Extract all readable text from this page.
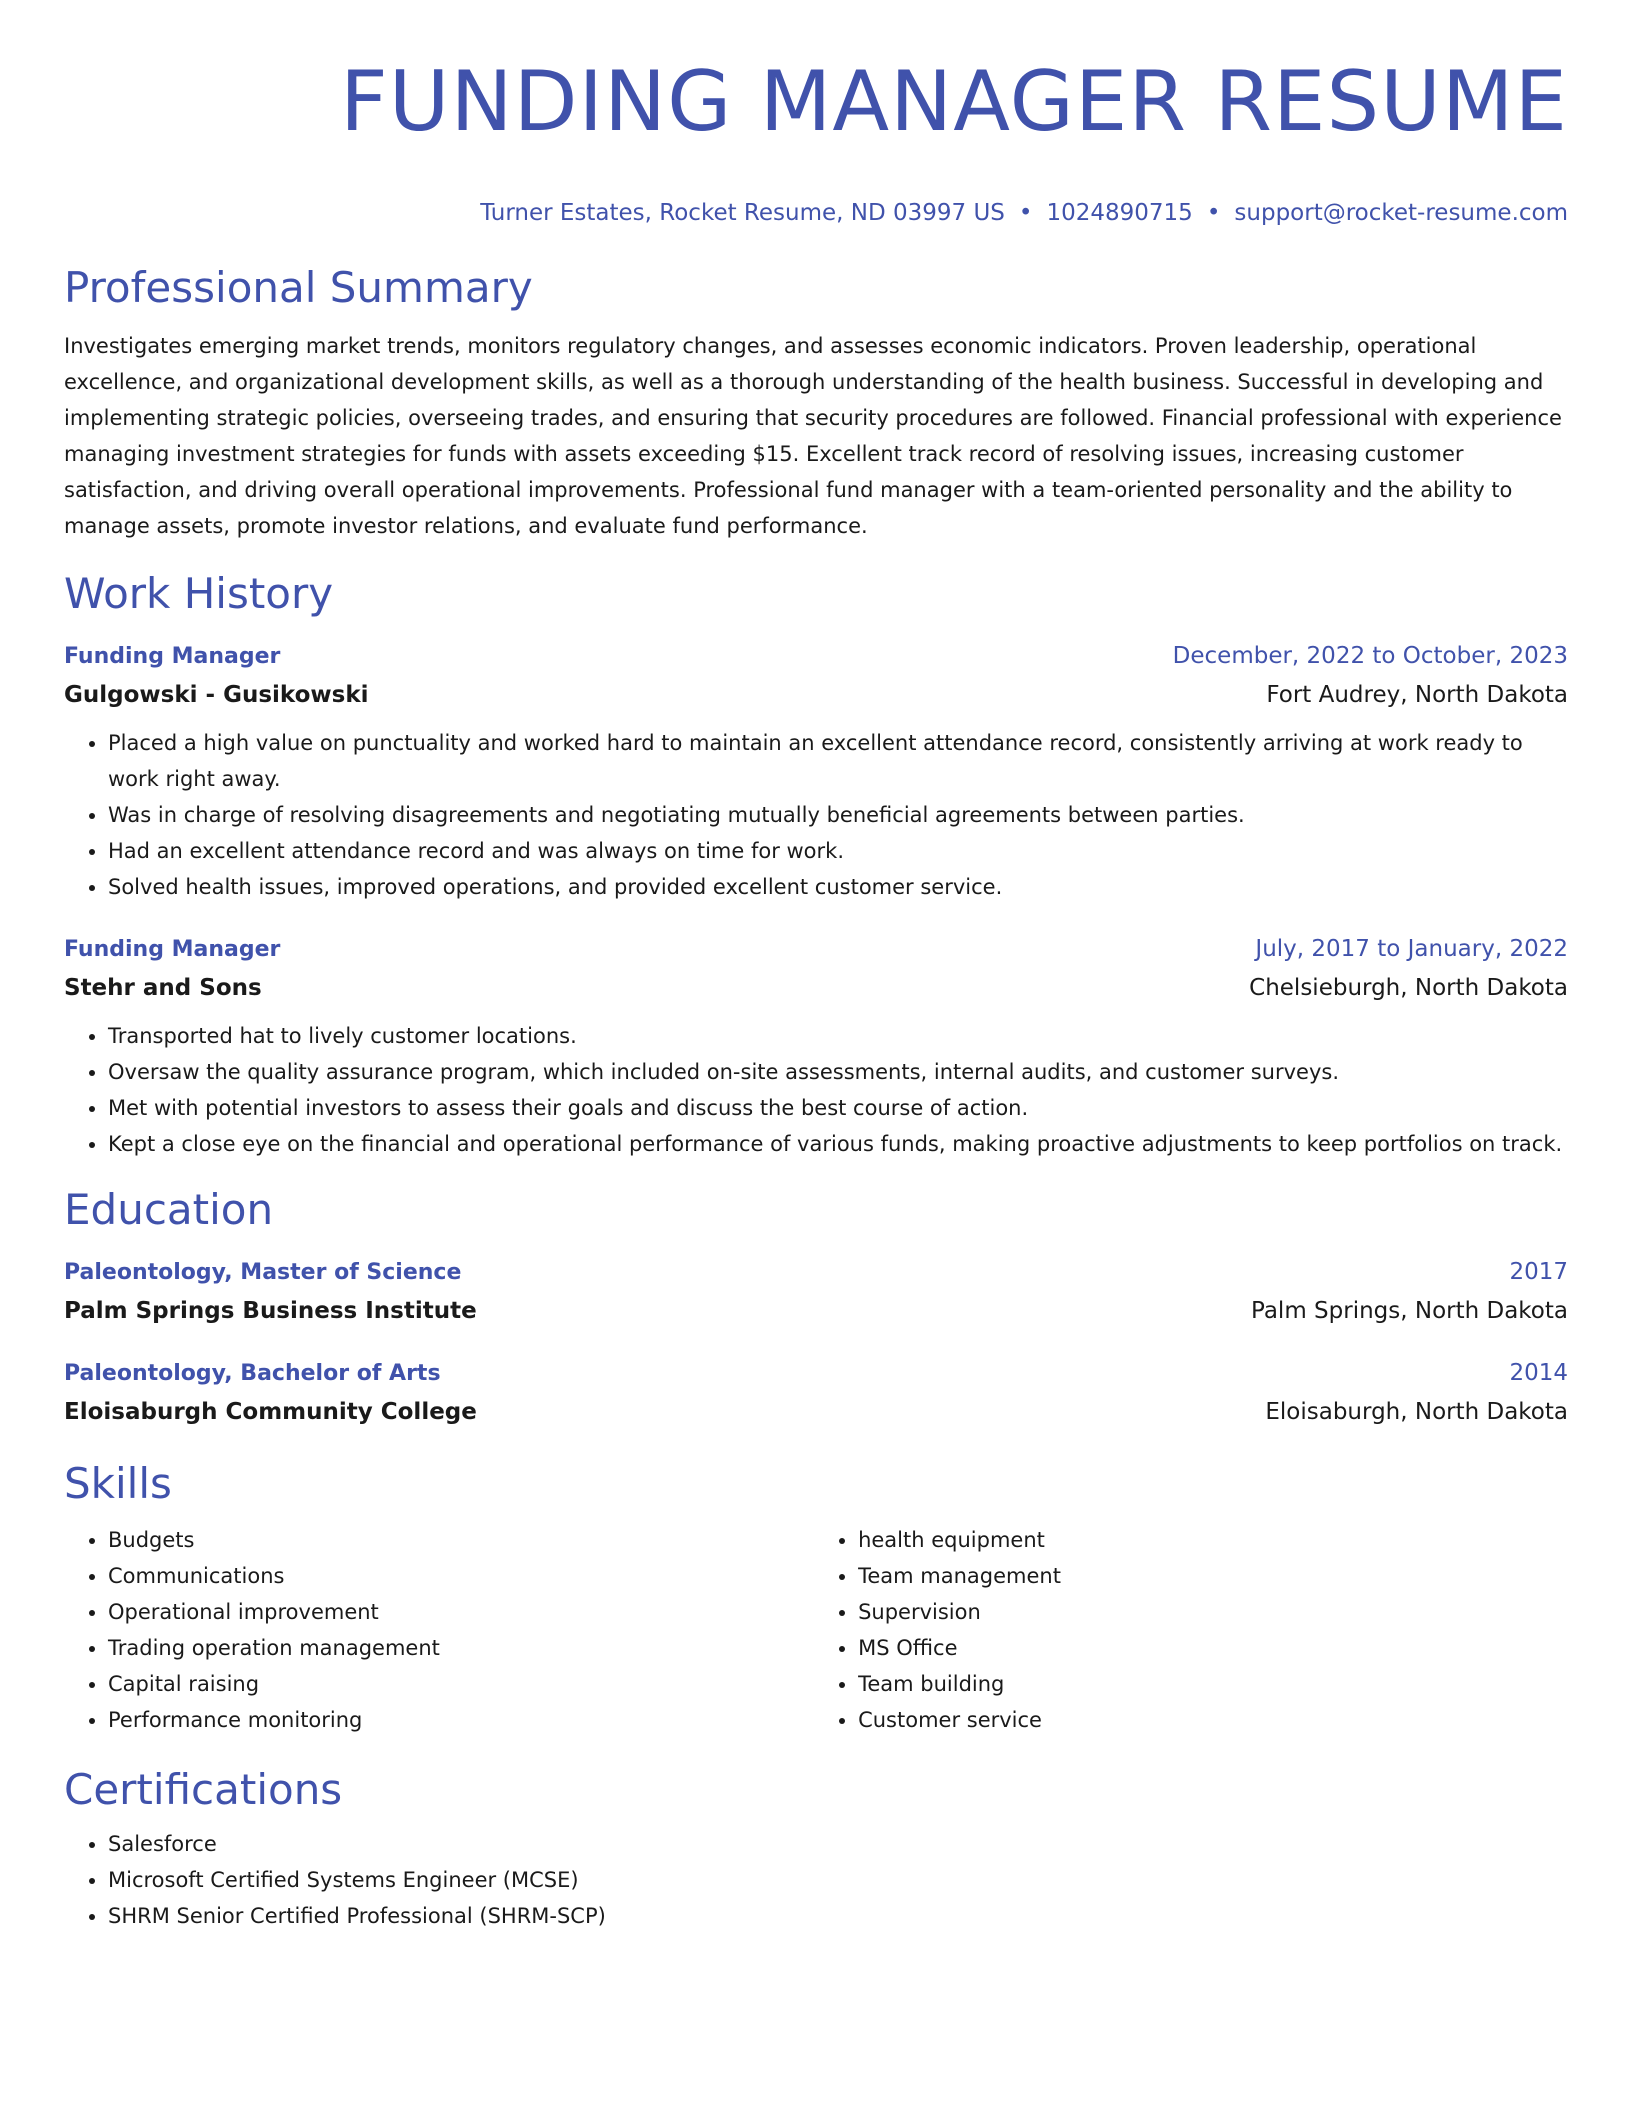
FUNDING MANAGER RESUME
Turner Estates, Rocket Resume, ND 03997 US • 1024890715 • support@rocket-resume.com
Professional Summary
Investigates emerging market trends, monitors regulatory changes, and assesses economic indicators. Proven leadership, operational excellence, and organizational development skills, as well as a thorough understanding of the health business. Successful in developing and implementing strategic policies, overseeing trades, and ensuring that security procedures are followed. Financial professional with experience managing investment strategies for funds with assets exceeding $15. Excellent track record of resolving issues, increasing customer satisfaction, and driving overall operational improvements. Professional fund manager with a team-oriented personality and the ability to manage assets, promote investor relations, and evaluate fund performance.
Work History
Funding Manager	December, 2022 to October, 2023
Gulgowski - Gusikowski	Fort Audrey, North Dakota
• Placed a high value on punctuality and worked hard to maintain an excellent attendance record, consistently arriving at work ready to work right away.
• Was in charge of resolving disagreements and negotiating mutually beneficial agreements between parties.
• Had an excellent attendance record and was always on time for work.
• Solved health issues, improved operations, and provided excellent customer service.
Funding Manager	July, 2017 to January, 2022
Stehr and Sons	Chelsieburgh, North Dakota
• Transported hat to lively customer locations.
• Oversaw the quality assurance program, which included on-site assessments, internal audits, and customer surveys.
• Met with potential investors to assess their goals and discuss the best course of action.
• Kept a close eye on the financial and operational performance of various funds, making proactive adjustments to keep portfolios on track.
Education
Paleontology, Master of Science	2017
Palm Springs Business Institute	Palm Springs, North Dakota
Paleontology, Bachelor of Arts	2014
Eloisaburgh Community College	Eloisaburgh, North Dakota
Skills
• Budgets
• Communications
• Operational improvement
• Trading operation management
• Capital raising
• Performance monitoring
• health equipment
• Team management
• Supervision
• MS Office
• Team building
• Customer service
Certifications
• Salesforce
• Microsoft Certified Systems Engineer (MCSE)
• SHRM Senior Certified Professional (SHRM-SCP)
